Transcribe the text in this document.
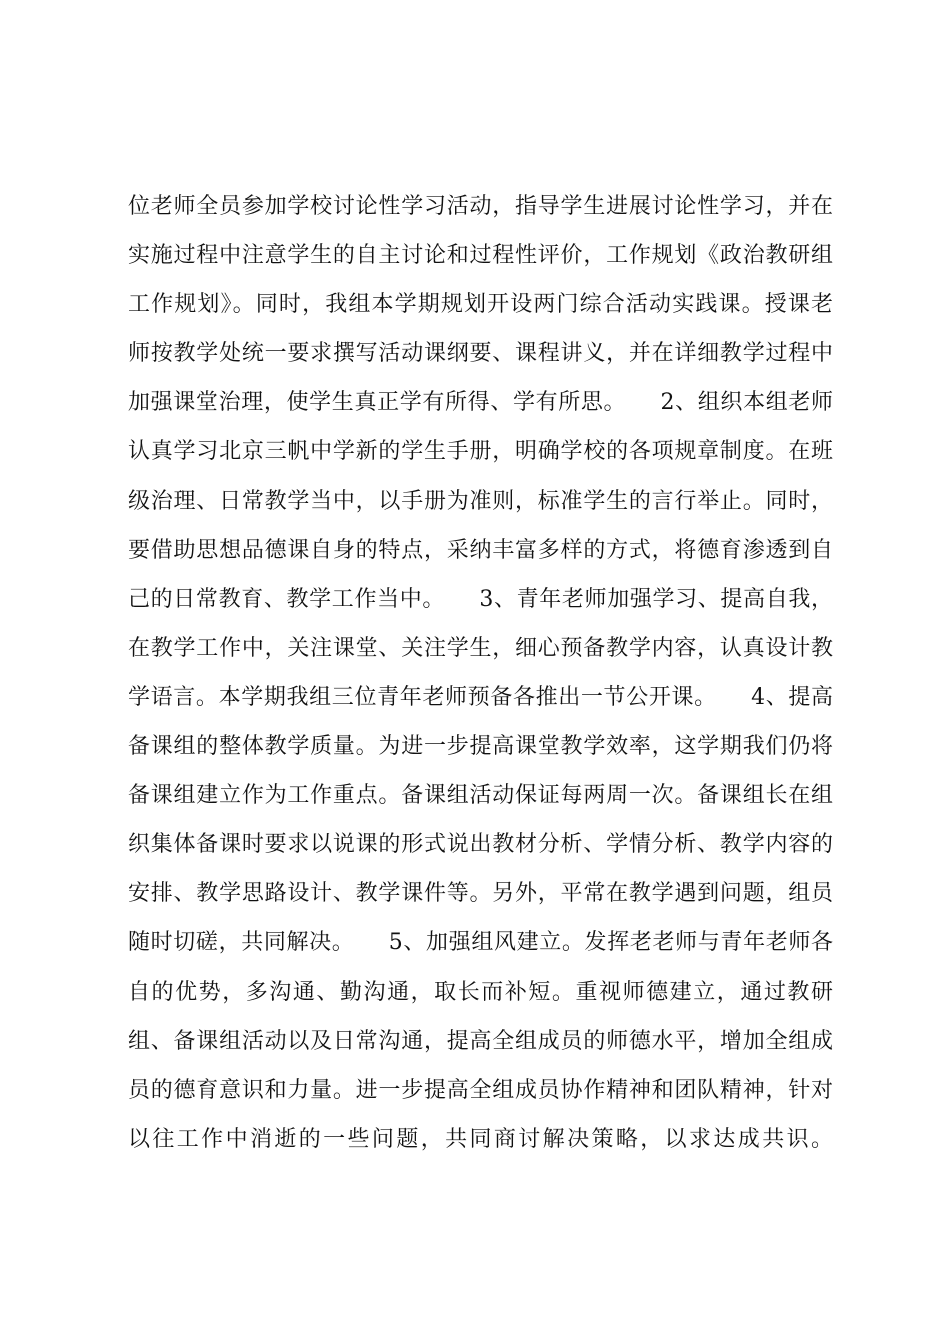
位老师全员参加学校讨论性学习活动，指导学生进展讨论性学习，并在
实施过程中注意学生的自主讨论和过程性评价，工作规划《政治教研组
工作规划》。同时，我组本学期规划开设两门综合活动实践课。授课老
师按教学处统一要求撰写活动课纲要、课程讲义，并在详细教学过程中
加强课堂治理，使学生真正学有所得、学有所思。　　2、组织本组老师
认真学习北京三帆中学新的学生手册，明确学校的各项规章制度。在班
级治理、日常教学当中，以手册为准则，标准学生的言行举止。同时，
要借助思想品德课自身的特点，采纳丰富多样的方式，将德育渗透到自
己的日常教育、教学工作当中。　　3、青年老师加强学习、提高自我，
在教学工作中，关注课堂、关注学生，细心预备教学内容，认真设计教
学语言。本学期我组三位青年老师预备各推出一节公开课。　　4、提高
备课组的整体教学质量。为进一步提高课堂教学效率，这学期我们仍将
备课组建立作为工作重点。备课组活动保证每两周一次。备课组长在组
织集体备课时要求以说课的形式说出教材分析、学情分析、教学内容的
安排、教学思路设计、教学课件等。另外，平常在教学遇到问题，组员
随时切磋，共同解决。　　5、加强组风建立。发挥老老师与青年老师各
自的优势，多沟通、勤沟通，取长而补短。重视师德建立，通过教研
组、备课组活动以及日常沟通，提高全组成员的师德水平，增加全组成
员的德育意识和力量。进一步提高全组成员协作精神和团队精神，针对
以往工作中消逝的一些问题，共同商讨解决策略，以求达成共识。
